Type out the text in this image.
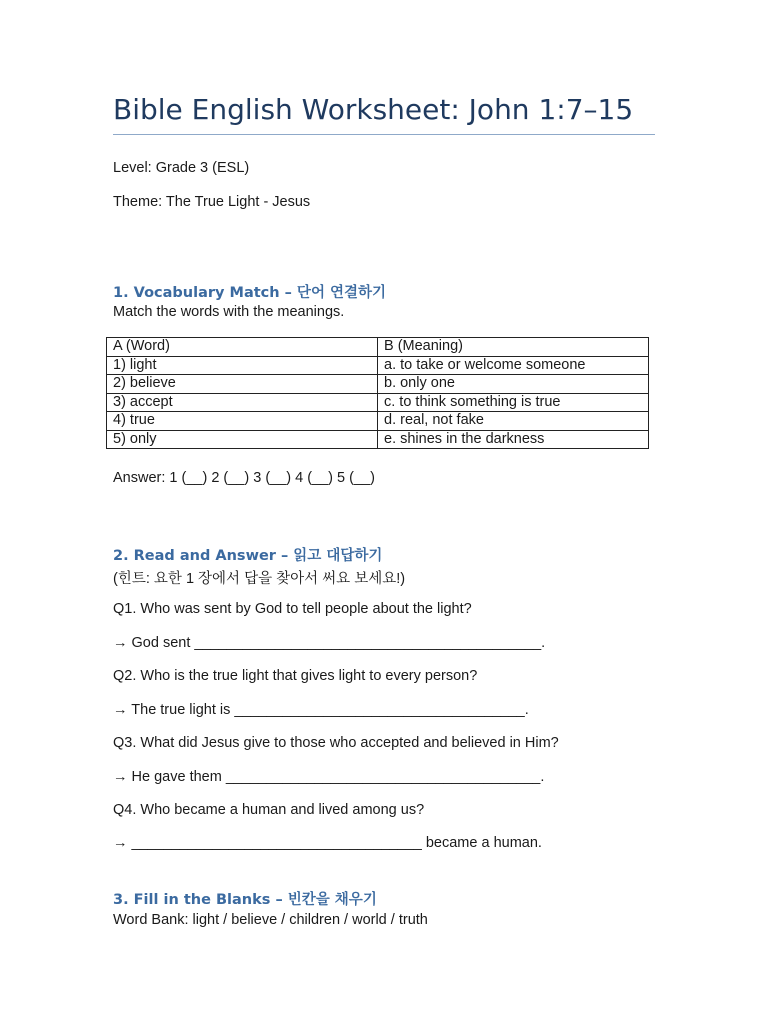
Bible English Worksheet: John 1:7–15
Level: Grade 3 (ESL)
Theme: The True Light - Jesus
1. Vocabulary Match – 단어 연결하기
Match the words with the meanings.
A (Word)	B (Meaning)
1) light	a. to take or welcome someone
2) believe	b. only one
3) accept	c. to think something is true
4) true	d. real, not fake
5) only	e. shines in the darkness
Answer: 1 (__) 2 (__) 3 (__) 4 (__) 5 (__)
2. Read and Answer – 읽고 대답하기
(힌트: 요한 1 장에서 답을 찾아서 써요 보세요!)
Q1. Who was sent by God to tell people about the light?
→ God sent ___________________________________________.
Q2. Who is the true light that gives light to every person?
→ The true light is ____________________________________.
Q3. What did Jesus give to those who accepted and believed in Him?
→ He gave them _______________________________________.
Q4. Who became a human and lived among us?
→ ____________________________________ became a human.
3. Fill in the Blanks – 빈칸을 채우기
Word Bank: light / believe / children / world / truth
